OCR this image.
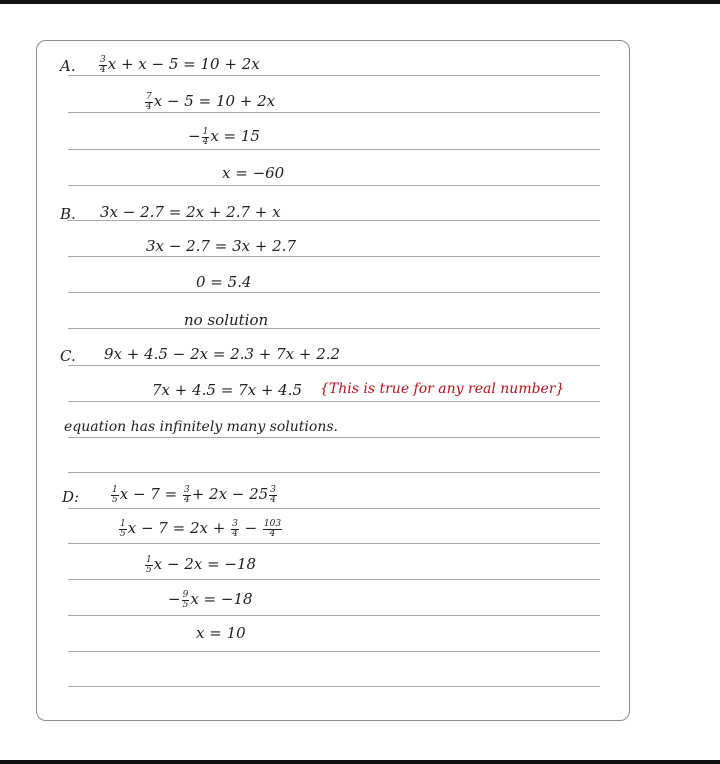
A.	$\frac{3}{4}$ x + x − 5 = 10 + 2x
$\frac{7}{4}$ x − 5 = 10 + 2x
− $\frac{1}{4}$ x = 15
x = −60
B. 3x − 2.7 = 2x + 2.7 + x
3x − 2.7 = 3x + 2.7
0 = 5.4
no solution
C. 9x + 4.5 − 2x = 2.3 + 7x + 2.2
7x + 4.5 = 7x + 4.5 {This is true for any real number}
equation has infinitely many solutions.
D:	$\frac{1}{5}$ $x - 7 = \frac{3}{4} + 2x - 25 \frac{3}{4}$
$\frac{1}{5}$ $x - 7 = 2x + \frac{3}{4} - \frac{103}{4}$
$\frac{1}{5}$ x − 2x = −18
− $\frac{9}{5}$ x = −18
x = 10
